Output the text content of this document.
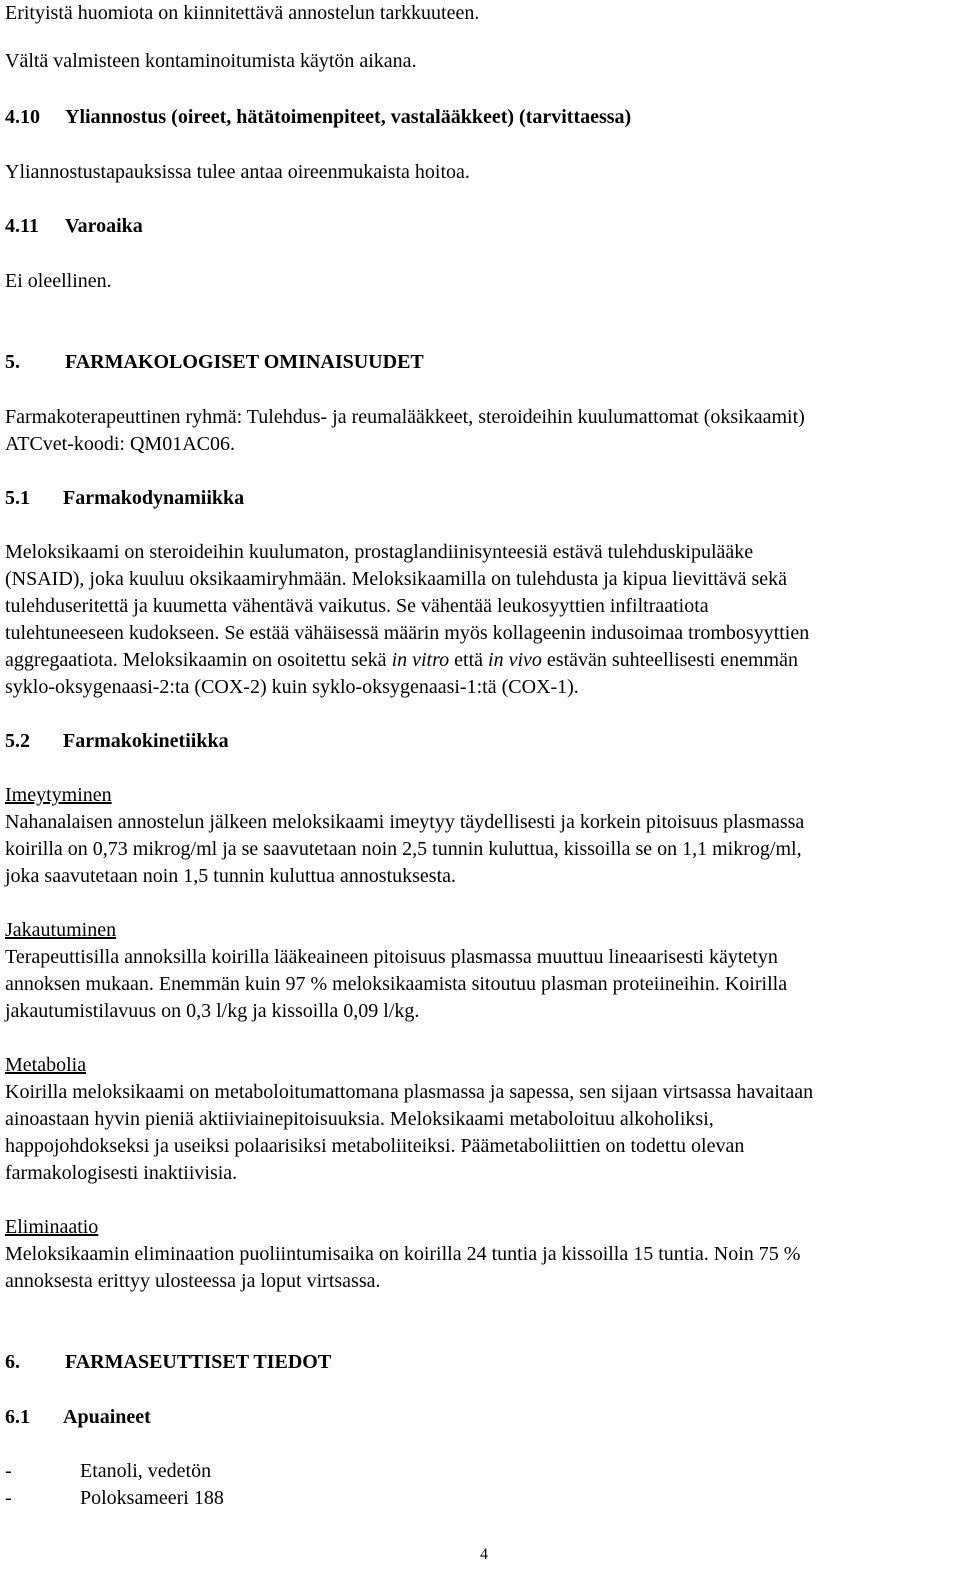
Erityistä huomiota on kiinnitettävä annostelun tarkkuuteen.
Vältä valmisteen kontaminoitumista käytön aikana.
4.10 Yliannostus (oireet, hätätoimenpiteet, vastalääkkeet) (tarvittaessa)
Yliannostustapauksissa tulee antaa oireenmukaista hoitoa.
4.11 Varoaika
Ei oleellinen.
5. FARMAKOLOGISET OMINAISUUDET
Farmakoterapeuttinen ryhmä: Tulehdus- ja reumalääkkeet, steroideihin kuulumattomat (oksikaamit)
ATCvet-koodi: QM01AC06.
5.1 Farmakodynamiikka
Meloksikaami on steroideihin kuulumaton, prostaglandiinisynteesiä estävä tulehduskipulääke
(NSAID), joka kuuluu oksikaamiryhmään. Meloksikaamilla on tulehdusta ja kipua lievittävä sekä
tulehduseritettä ja kuumetta vähentävä vaikutus. Se vähentää leukosyyttien infiltraatiota
tulehtuneeseen kudokseen. Se estää vähäisessä määrin myös kollageenin indusoimaa trombosyyttien
aggregaatiota. Meloksikaamin on osoitettu sekä in vitro että in vivo estävän suhteellisesti enemmän
syklo-oksygenaasi-2:ta (COX-2) kuin syklo-oksygenaasi-1:tä (COX-1).
5.2 Farmakokinetiikka
Imeytyminen
Nahanalaisen annostelun jälkeen meloksikaami imeytyy täydellisesti ja korkein pitoisuus plasmassa
koirilla on 0,73 mikrog/ml ja se saavutetaan noin 2,5 tunnin kuluttua, kissoilla se on 1,1 mikrog/ml,
joka saavutetaan noin 1,5 tunnin kuluttua annostuksesta.
Jakautuminen
Terapeuttisilla annoksilla koirilla lääkeaineen pitoisuus plasmassa muuttuu lineaarisesti käytetyn
annoksen mukaan. Enemmän kuin 97 % meloksikaamista sitoutuu plasman proteiineihin. Koirilla
jakautumistilavuus on 0,3 l/kg ja kissoilla 0,09 l/kg.
Metabolia
Koirilla meloksikaami on metaboloitumattomana plasmassa ja sapessa, sen sijaan virtsassa havaitaan
ainoastaan hyvin pieniä aktiiviainepitoisuuksia. Meloksikaami metaboloituu alkoholiksi,
happojohdokseksi ja useiksi polaarisiksi metaboliiteiksi. Päämetaboliittien on todettu olevan
farmakologisesti inaktiivisia.
Eliminaatio
Meloksikaamin eliminaation puoliintumisaika on koirilla 24 tuntia ja kissoilla 15 tuntia. Noin 75 %
annoksesta erittyy ulosteessa ja loput virtsassa.
6. FARMASEUTTISET TIEDOT
6.1 Apuaineet
-	Etanoli, vedetön
-	Poloksameeri 188
4
